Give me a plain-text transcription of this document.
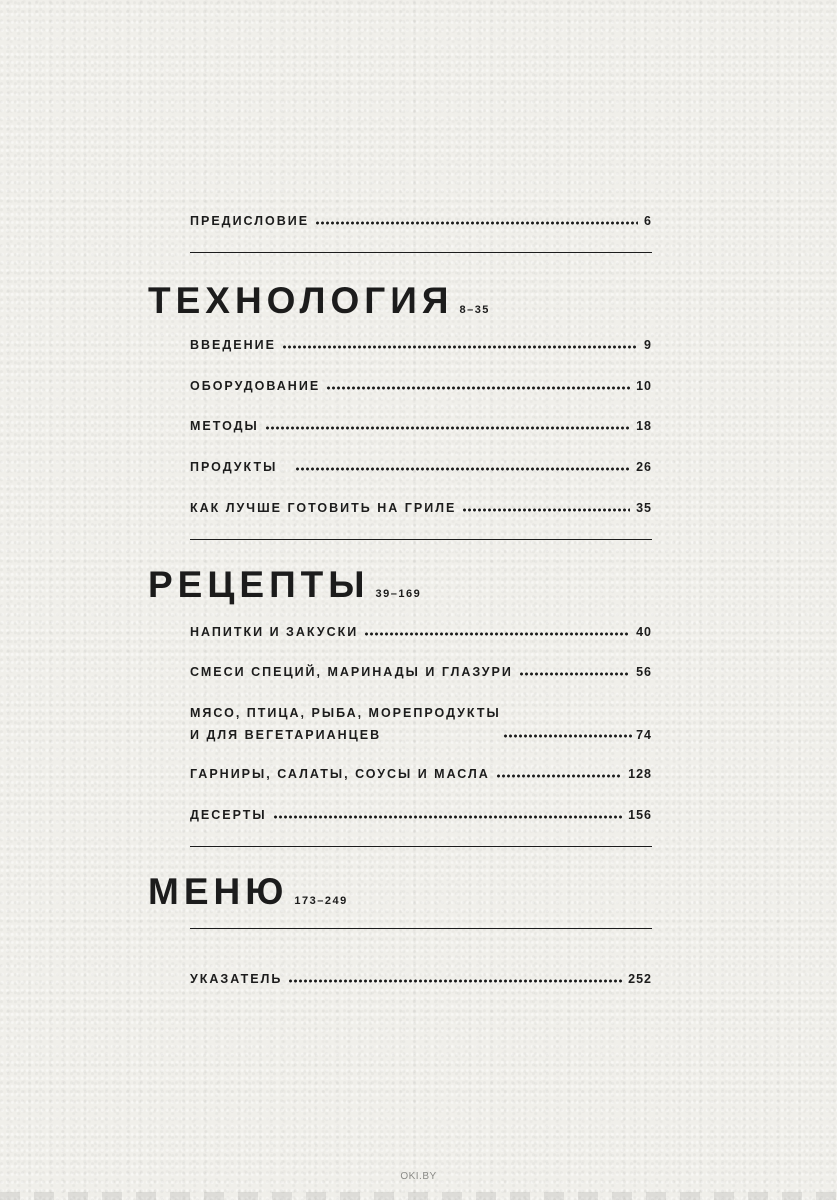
ПРЕДИСЛОВИЕ	6
ТЕХНОЛОГИЯ 8–35
ВВЕДЕНИЕ	9
ОБОРУДОВАНИЕ	10
МЕТОДЫ	18
ПРОДУКТЫ	26
КАК ЛУЧШЕ ГОТОВИТЬ НА ГРИЛЕ	35
РЕЦЕПТЫ 39–169
НАПИТКИ И ЗАКУСКИ	40
СМЕСИ СПЕЦИЙ, МАРИНАДЫ И ГЛАЗУРИ	56
МЯСО, ПТИЦА, РЫБА, МОРЕПРОДУКТЫ
И ДЛЯ ВЕГЕТАРИАНЦЕВ	74
ГАРНИРЫ, САЛАТЫ, СОУСЫ И МАСЛА	128
ДЕСЕРТЫ	156
МЕНЮ 173–249
УКАЗАТЕЛЬ	252
OKI.BY
